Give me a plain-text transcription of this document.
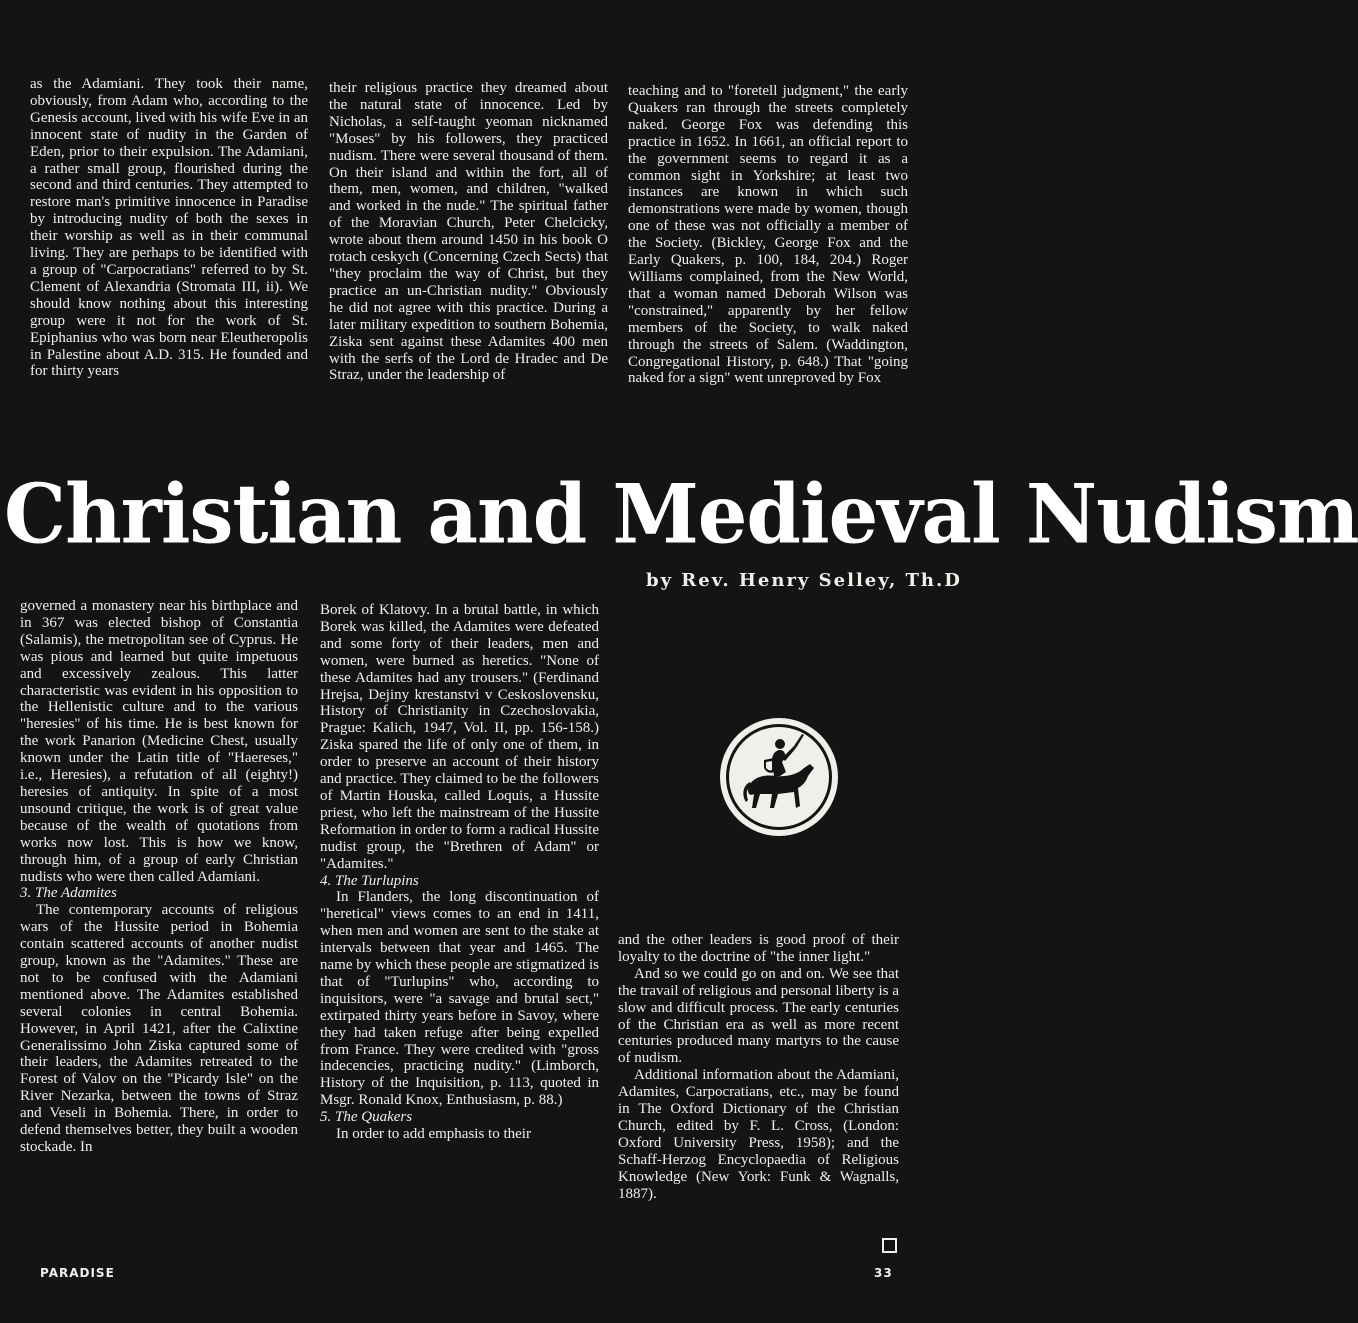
as the Adamiani. They took their name, obviously, from Adam who, according to the Genesis account, lived with his wife Eve in an innocent state of nudity in the Garden of Eden, prior to their expulsion. The Adamiani, a rather small group, flourished during the second and third centuries. They attempted to restore man's primitive innocence in Paradise by introducing nudity of both the sexes in their worship as well as in their communal living. They are perhaps to be identified with a group of "Carpocratians" referred to by St. Clement of Alexandria (Stromata III, ii). We should know nothing about this interesting group were it not for the work of St. Epiphanius who was born near Eleutheropolis in Palestine about A.D. 315. He founded and for thirty years

their religious practice they dreamed about the natural state of innocence. Led by Nicholas, a self-taught yeoman nicknamed "Moses" by his followers, they practiced nudism. There were several thousand of them. On their island and within the fort, all of them, men, women, and children, "walked and worked in the nude." The spiritual father of the Moravian Church, Peter Chelcicky, wrote about them around 1450 in his book O rotach ceskych (Concerning Czech Sects) that "they proclaim the way of Christ, but they practice an un-Christian nudity." Obviously he did not agree with this practice. During a later military expedition to southern Bohemia, Ziska sent against these Adamites 400 men with the serfs of the Lord de Hradec and De Straz, under the leadership of

teaching and to "foretell judgment," the early Quakers ran through the streets completely naked. George Fox was defending this practice in 1652. In 1661, an official report to the government seems to regard it as a common sight in Yorkshire; at least two instances are known in which such demonstrations were made by women, though one of these was not officially a member of the Society. (Bickley, George Fox and the Early Quakers, p. 100, 184, 204.) Roger Williams complained, from the New World, that a woman named Deborah Wilson was "constrained," apparently by her fellow members of the Society, to walk naked through the streets of Salem. (Waddington, Congregational History, p. 648.) That "going naked for a sign" went unreproved by Fox

Christian and Medieval Nudism
by Rev. Henry Selley, Th.D

governed a monastery near his birthplace and in 367 was elected bishop of Constantia (Salamis), the metropolitan see of Cyprus. He was pious and learned but quite impetuous and excessively zealous. This latter characteristic was evident in his opposition to the Hellenistic culture and to the various "heresies" of his time. He is best known for the work Panarion (Medicine Chest, usually known under the Latin title of "Haereses," i.e., Heresies), a refutation of all (eighty!) heresies of antiquity. In spite of a most unsound critique, the work is of great value because of the wealth of quotations from works now lost. This is how we know, through him, of a group of early Christian nudists who were then called Adamiani.

3. The Adamites

The contemporary accounts of religious wars of the Hussite period in Bohemia contain scattered accounts of another nudist group, known as the "Adamites." These are not to be confused with the Adamiani mentioned above. The Adamites established several colonies in central Bohemia. However, in April 1421, after the Calixtine Generalissimo John Ziska captured some of their leaders, the Adamites retreated to the Forest of Valov on the "Picardy Isle" on the River Nezarka, between the towns of Straz and Veseli in Bohemia. There, in order to defend themselves better, they built a wooden stockade. In

Borek of Klatovy. In a brutal battle, in which Borek was killed, the Adamites were defeated and some forty of their leaders, men and women, were burned as heretics. "None of these Adamites had any trousers." (Ferdinand Hrejsa, Dejiny krestanstvi v Ceskoslovensku, History of Christianity in Czechoslovakia, Prague: Kalich, 1947, Vol. II, pp. 156-158.) Ziska spared the life of only one of them, in order to preserve an account of their history and practice. They claimed to be the followers of Martin Houska, called Loquis, a Hussite priest, who left the mainstream of the Hussite Reformation in order to form a radical Hussite nudist group, the "Brethren of Adam" or "Adamites."

4. The Turlupins

In Flanders, the long discontinuation of "heretical" views comes to an end in 1411, when men and women are sent to the stake at intervals between that year and 1465. The name by which these people are stigmatized is that of "Turlupins" who, according to inquisitors, were "a savage and brutal sect," extirpated thirty years before in Savoy, where they had taken refuge after being expelled from France. They were credited with "gross indecencies, practicing nudity." (Limborch, History of the Inquisition, p. 113, quoted in Msgr. Ronald Knox, Enthusiasm, p. 88.)

5. The Quakers

In order to add emphasis to their

and the other leaders is good proof of their loyalty to the doctrine of "the inner light."

And so we could go on and on. We see that the travail of religious and personal liberty is a slow and difficult process. The early centuries of the Christian era as well as more recent centuries produced many martyrs to the cause of nudism.

Additional information about the Adamiani, Adamites, Carpocratians, etc., may be found in The Oxford Dictionary of the Christian Church, edited by F. L. Cross, (London: Oxford University Press, 1958); and the Schaff-Herzog Encyclopaedia of Religious Knowledge (New York: Funk & Wagnalls, 1887).

PARADISE	33
